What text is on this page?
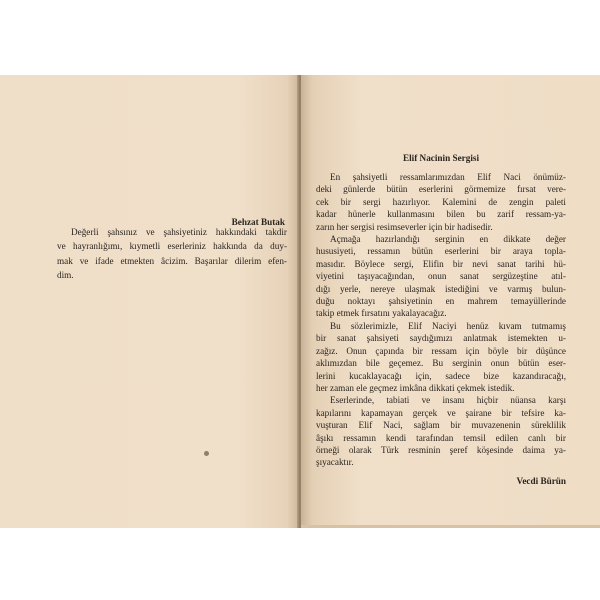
Değerli şahsınız ve şahsiyetiniz hakkındaki takdir
ve hayranlığımı, kıymetli eserleriniz hakkında da duy-
mak ve ifade etmekten âcizim. Başarılar dilerim efen-
dim.
Behzat Butak
Elif Nacinin Sergisi
En şahsiyetli ressamlarımızdan Elif Naci önümüz-
deki günlerde bütün eserlerini görmemize fırsat vere-
cek bir sergi hazırlıyor. Kalemini de zengin paleti
kadar hünerle kullanmasını bilen bu zarif ressam-ya-
zarın her sergisi resimseverler için bir hadisedir.
Açmağa hazırlandığı serginin en dikkate değer
hususiyeti, ressamın bütün eserlerini bir araya topla-
masıdır. Böylece sergi, Elifin bir nevi sanat tarihi hü-
viyetini taşıyacağından, onun sanat sergüzeştine atıl-
dığı yerle, nereye ulaşmak istediğini ve varmış bulun-
duğu noktayı şahsiyetinin en mahrem temayüllerinde
takip etmek fırsatını yakalayacağız.
Bu sözlerimizle, Elif Naciyi henüz kıvam tutmamış
bir sanat şahsiyeti saydığımızı anlatmak istemekten u-
zağız. Onun çapında bir ressam için böyle bir düşünce
aklımızdan bile geçemez. Bu serginin onun bütün eser-
lerini kucaklayacağı için, sadece bize kazandıracağı,
her zaman ele geçmez imkâna dikkati çekmek istedik.
Eserlerinde, tabiati ve insanı hiçbir nüansa karşı
kapılarını kapamayan gerçek ve şairane bir tefsire ka-
vuşturan Elif Naci, sağlam bir muvazenenin süreklilik
âşıkı ressamın kendi tarafından temsil edilen canlı bir
örneği olarak Türk resminin şeref köşesinde daima ya-
şıyacaktır.
Vecdi Bürün
